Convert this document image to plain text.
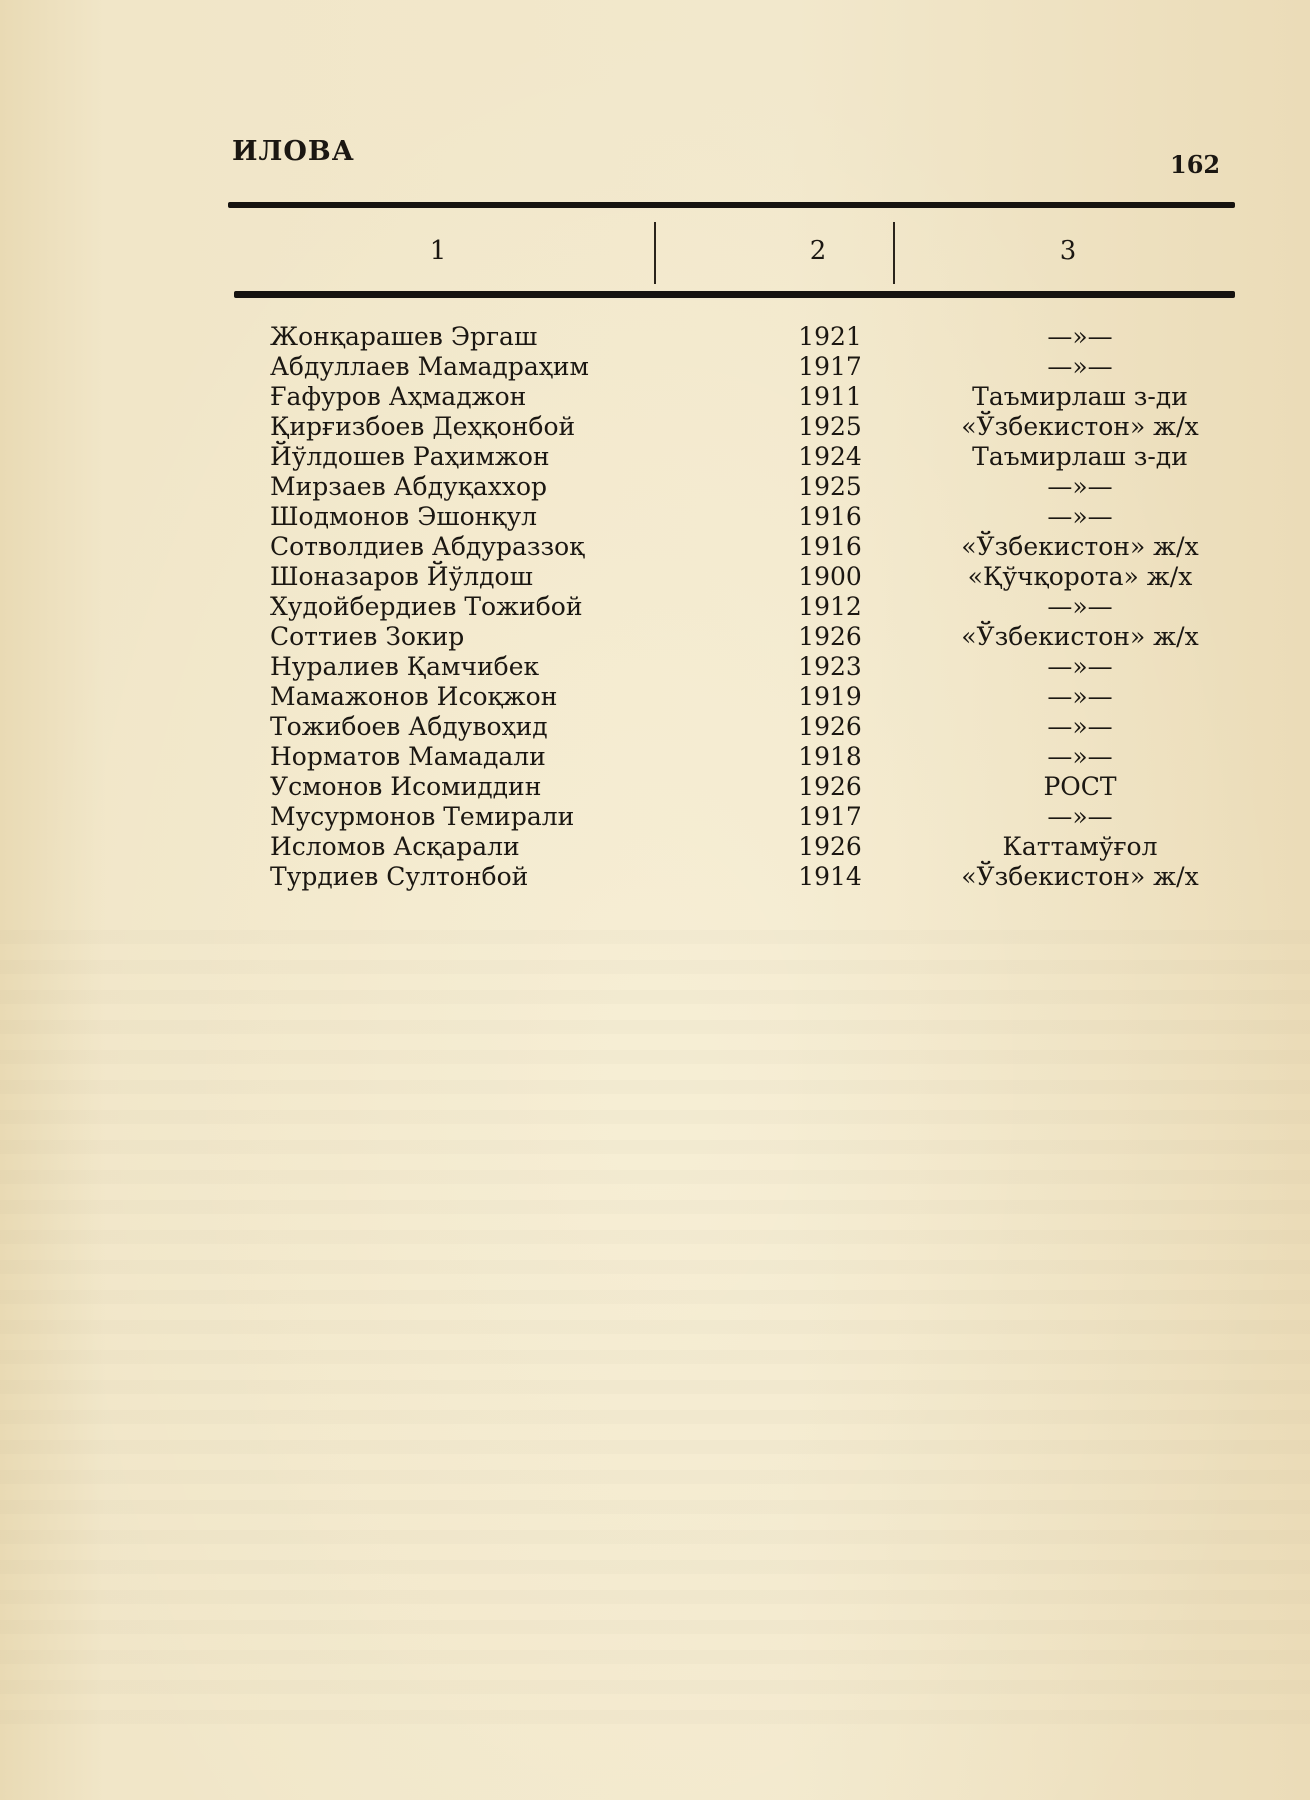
ИЛОВА	162
1	2	3
Жонқарашев Эргаш	1921	—»—
Абдуллаев Мамадраҳим	1917	—»—
Ғафуров Аҳмаджон	1911	Таъмирлаш з-ди
Қирғизбоев Деҳқонбой	1925	«Ўзбекистон» ж/х
Йўлдошев Раҳимжон	1924	Таъмирлаш з-ди
Мирзаев Абдуқаххор	1925	—»—
Шодмонов Эшонқул	1916	—»—
Сотволдиев Абдураззоқ	1916	«Ўзбекистон» ж/х
Шоназаров Йўлдош	1900	«Қўчқорота» ж/х
Худойбердиев Тожибой	1912	—»—
Соттиев Зокир	1926	«Ўзбекистон» ж/х
Нуралиев Қамчибек	1923	—»—
Мамажонов Исоқжон	1919	—»—
Тожибоев Абдувоҳид	1926	—»—
Норматов Мамадали	1918	—»—
Усмонов Исомиддин	1926	РОСТ
Мусурмонов Темирали	1917	—»—
Исломов Асқарали	1926	Каттамўғол
Турдиев Султонбой	1914	«Ўзбекистон» ж/х
